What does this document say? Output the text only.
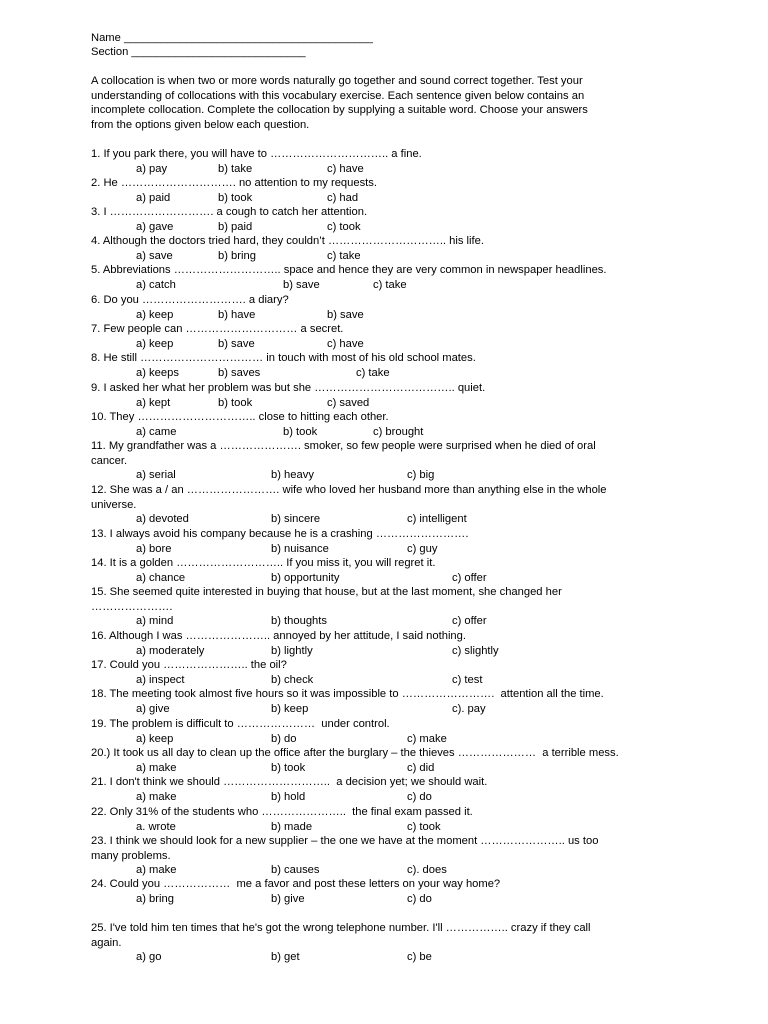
Name ________________________________________
Section ____________________________
A collocation is when two or more words naturally go together and sound correct together. Test your
understanding of collocations with this vocabulary exercise. Each sentence given below contains an
incomplete collocation. Complete the collocation by supplying a suitable word. Choose your answers
from the options given below each question.
1. If you park there, you will have to ………………………….. a fine.
a) pay	b) take	c) have
2. He …………………………. no attention to my requests.
a) paid	b) took	c) had
3. I ………………………. a cough to catch her attention.
a) gave	b) paid	c) took
4. Although the doctors tried hard, they couldn’t ………………………….. his life.
a) save	b) bring	c) take
5. Abbreviations ……………………….. space and hence they are very common in newspaper headlines.
a) catch	b) save	c) take
6. Do you ………………………. a diary?
a) keep	b) have	b) save
7. Few people can ………………………… a secret.
a) keep	b) save	c) have
8. He still …………………………… in touch with most of his old school mates.
a) keeps	b) saves	c) take
9. I asked her what her problem was but she ……………………………….. quiet.
a) kept	b) took	c) saved
10. They ………………………….. close to hitting each other.
a) came	b) took	c) brought
11. My grandfather was a …………………. smoker, so few people were surprised when he died of oral
cancer.
a) serial	b) heavy	c) big
12. She was a / an ……………………. wife who loved her husband more than anything else in the whole
universe.
a) devoted	b) sincere	c) intelligent
13. I always avoid his company because he is a crashing …………………….
a) bore	b) nuisance	c) guy
14. It is a golden ……………………….. If you miss it, you will regret it.
a) chance	b) opportunity	c) offer
15. She seemed quite interested in buying that house, but at the last moment, she changed her
………………….
a) mind	b) thoughts	c) offer
16. Although I was ………………….. annoyed by her attitude, I said nothing.
a) moderately	b) lightly	c) slightly
17. Could you ………………….. the oil?
a) inspect	b) check	c) test
18. The meeting took almost five hours so it was impossible to …………………….  attention all the time.
a) give	b) keep	c). pay
19. The problem is difficult to …………………  under control.
a) keep	b) do	c) make
20.) It took us all day to clean up the office after the burglary – the thieves …………………  a terrible mess.
a) make	b) took	c) did
21. I don't think we should ………………………..  a decision yet; we should wait.
a) make	b) hold	c) do
22. Only 31% of the students who …………………..  the final exam passed it.
a. wrote	b) made	c) took
23. I think we should look for a new supplier – the one we have at the moment ………………….. us too
many problems.
a) make	b) causes	c). does
24. Could you ………………  me a favor and post these letters on your way home?
a) bring	b) give	c) do
25. I've told him ten times that he's got the wrong telephone number. I'll …………….. crazy if they call
again.
a) go	b) get	c) be
